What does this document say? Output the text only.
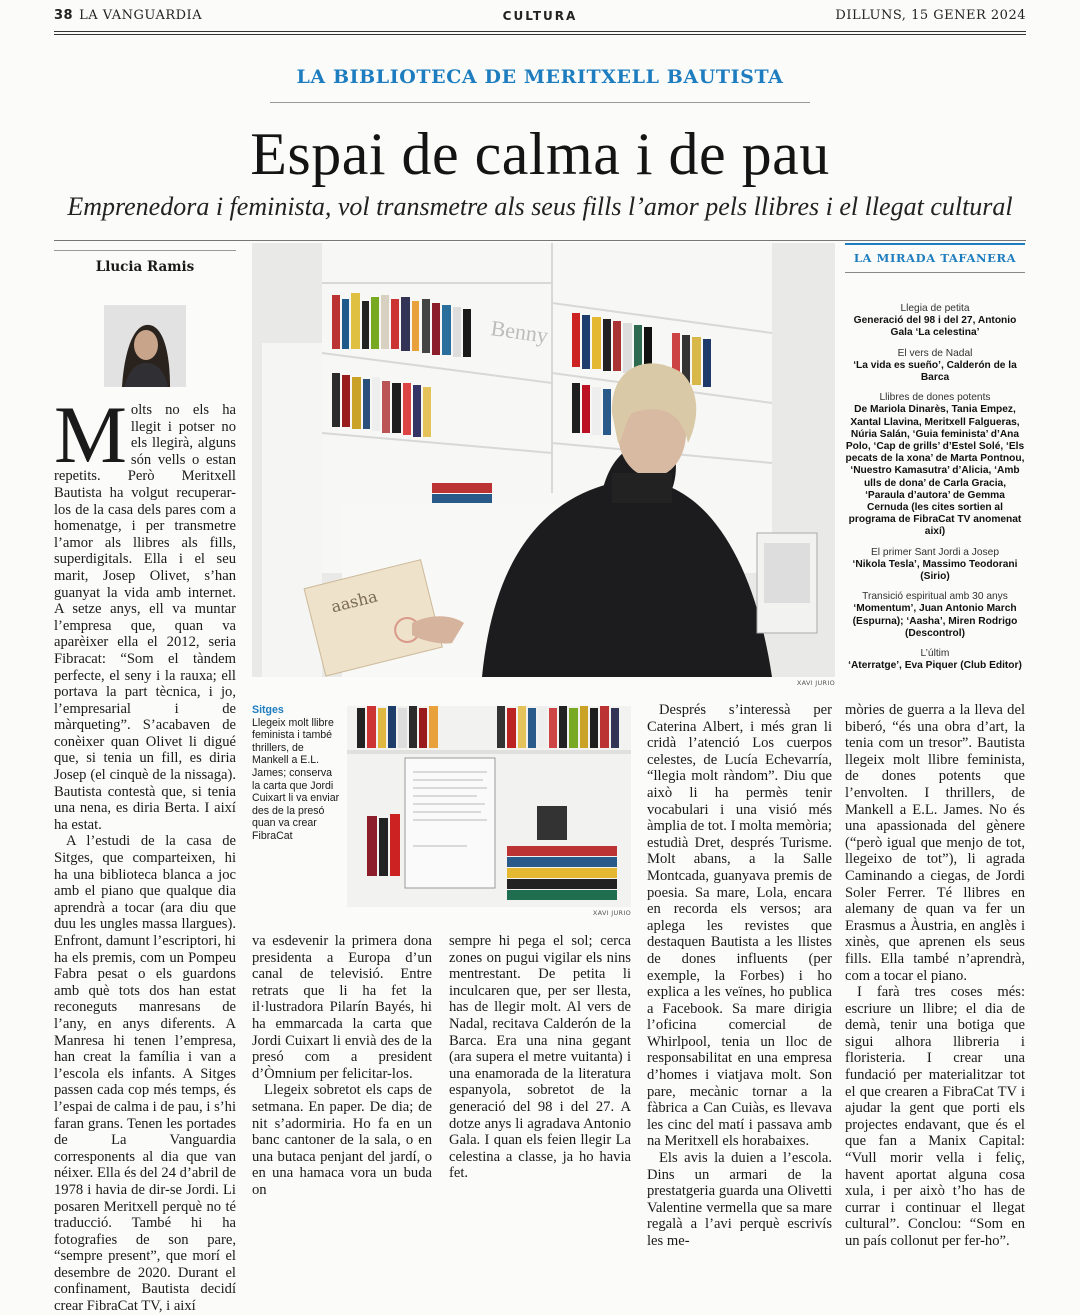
38 LA VANGUARDIA	CULTURA	DILLUNS, 15 GENER 2024
LA BIBLIOTECA DE MERITXELL BAUTISTA
Espai de calma i de pau
Emprenedora i feminista, vol transmetre als seus fills l’amor pels llibres i el llegat cultural
Llucia Ramis

Molts no els ha llegit i potser no els llegirà, alguns són vells o estan repetits. Però Meritxell Bautista ha volgut recuperar-los de la casa dels pares com a homenatge, i per transmetre l’amor als llibres als fills, superdigitals. Ella i el seu marit, Josep Olivet, s’han guanyat la vida amb internet. A setze anys, ell va muntar l’empresa que, quan va aparèixer ella el 2012, seria Fibracat: “Som el tàndem perfecte, el seny i la rauxa; ell portava la part tècnica, i jo, l’empresarial i de màrqueting”. S’acabaven de conèixer quan Olivet li digué que, si tenia un fill, es diria Josep (el cinquè de la nissaga). Bautista contestà que, si tenia una nena, es diria Berta. I així ha estat.

A l’estudi de la casa de Sitges, que comparteixen, hi ha una biblioteca blanca a joc amb el piano que qualque dia aprendrà a tocar (ara diu que duu les ungles massa llargues). Enfront, damunt l’escriptori, hi ha els premis, com un Pompeu Fabra pesat o els guardons amb què tots dos han estat reconeguts manresans de l’any, en anys diferents. A Manresa hi tenen l’empresa, han creat la família i van a l’escola els infants. A Sitges passen cada cop més temps, és l’espai de calma i de pau, i s’hi faran grans. Tenen les portades de La Vanguardia corresponents al dia que van néixer. Ella és del 24 d’abril de 1978 i havia de dir-se Jordi. Li posaren Meritxell perquè no té traducció. També hi ha fotografies de son pare, “sempre present”, que morí el desembre de 2020. Durant el confinament, Bautista decidí crear FibraCat TV, i així

Benny
aasha
XAVI JURIO
LA MIRADA TAFANERA
Llegia de petita
Generació del 98 i del 27, Antonio Gala ‘La celestina’
El vers de Nadal
‘La vida es sueño’, Calderón de la Barca
Llibres de dones potents
De Mariola Dinarès, Tania Empez, Xantal Llavina, Meritxell Falgueras, Núria Salán, ‘Guia feminista’ d’Ana Polo, ‘Cap de grills’ d’Estel Solé, ‘Els pecats de la xona’ de Marta Pontnou, ‘Nuestro Kamasutra’ d’Alicia, ‘Amb ulls de dona’ de Carla Gracia, ‘Paraula d’autora’ de Gemma Cernuda (les cites sortien al programa de FibraCat TV anomenat així)
El primer Sant Jordi a Josep
‘Nikola Tesla’, Massimo Teodorani (Sirio)
Transició espiritual amb 30 anys
‘Momentum’, Juan Antonio March (Espurna); ‘Aasha’, Miren Rodrigo (Descontrol)
L’últim
‘Aterratge’, Eva Piquer (Club Editor)
Sitges
Llegeix molt llibre feminista i també thrillers, de Mankell a E.L. James; conserva la carta que Jordi Cuixart li va enviar des de la presó quan va crear FibraCat
XAVI JURIO

va esdevenir la primera dona presidenta a Europa d’un canal de televisió. Entre retrats que li ha fet la il·lustradora Pilarín Bayés, hi ha emmarcada la carta que Jordi Cuixart li envià des de la presó com a president d’Òmnium per felicitar-los.

Llegeix sobretot els caps de setmana. En paper. De dia; de nit s’adormiria. Ho fa en un banc cantoner de la sala, o en una butaca penjant del jardí, o en una hamaca vora un buda on

sempre hi pega el sol; cerca zones on pugui vigilar els nins mentrestant. De petita li inculcaren que, per ser llesta, has de llegir molt. Al vers de Nadal, recitava Calderón de la Barca. Era una nina gegant (ara supera el metre vuitanta) i una enamorada de la literatura espanyola, sobretot de la generació del 98 i del 27. A dotze anys li agradava Antonio Gala. I quan els feien llegir La celestina a classe, ja ho havia fet.

Després s’interessà per Caterina Albert, i més gran li cridà l’atenció Los cuerpos celestes, de Lucía Echevarría, “llegia molt ràndom”. Diu que això li ha permès tenir vocabulari i una visió més àmplia de tot. I molta memòria; estudià Dret, després Turisme. Molt abans, a la Salle Montcada, guanyava premis de poesia. Sa mare, Lola, encara en recorda els versos; ara aplega les revistes que destaquen Bautista a les llistes de dones influents (per exemple, la Forbes) i ho explica a les veïnes, ho publica a Facebook. Sa mare dirigia l’oficina comercial de Whirlpool, tenia un lloc de responsabilitat en una empresa d’homes i viatjava molt. Son pare, mecànic tornar a la fàbrica a Can Cuiàs, es llevava les cinc del matí i passava amb na Meritxell els horabaixes.

Els avis la duien a l’escola. Dins un armari de la prestatgeria guarda una Olivetti Valentine vermella que sa mare regalà a l’avi perquè escrivís les me-

mòries de guerra a la lleva del biberó, “és una obra d’art, la tenia com un tresor”. Bautista llegeix molt llibre feminista, de dones potents que l’envolten. I thrillers, de Mankell a E.L. James. No és una apassionada del gènere (“però igual que menjo de tot, llegeixo de tot”), li agrada Caminando a ciegas, de Jordi Soler Ferrer. Té llibres en alemany de quan va fer un Erasmus a Àustria, en anglès i xinès, que aprenen els seus fills. Ella també n’aprendrà, com a tocar el piano.

I farà tres coses més: escriure un llibre; el dia de demà, tenir una botiga que sigui alhora llibreria i floristeria. I crear una fundació per materialitzar tot el que crearen a FibraCat TV i ajudar la gent que porti els projectes endavant, que és el que fan a Manix Capital: “Vull morir vella i feliç, havent aportat alguna cosa xula, i per això t’ho has de currar i continuar el llegat cultural”. Conclou: “Som en un país collonut per fer-ho”.
